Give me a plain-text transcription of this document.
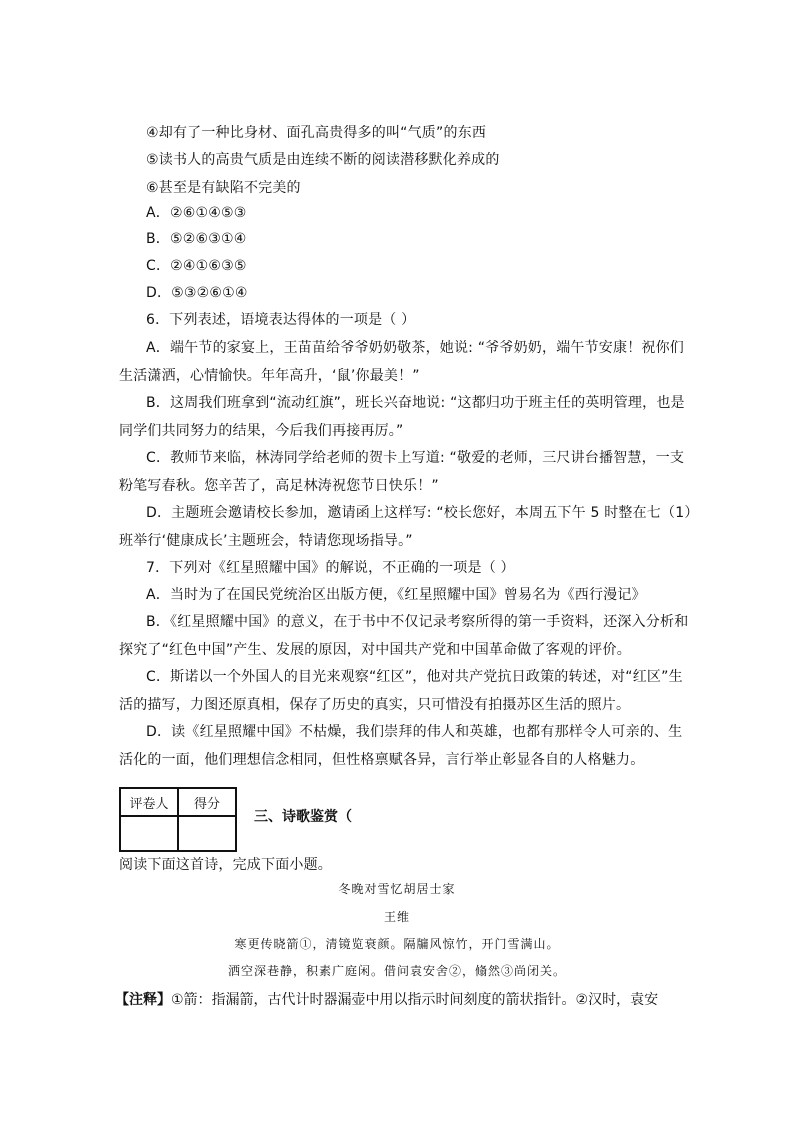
④却有了一种比身材、面孔高贵得多的叫“气质”的东西
⑤读书人的高贵气质是由连续不断的阅读潜移默化养成的
⑥甚至是有缺陷不完美的
A．②⑥①④⑤③
B．⑤②⑥③①④
C．②④①⑥③⑤
D．⑤③②⑥①④
6．下列表述，语境表达得体的一项是（ ）
A．端午节的家宴上，王苗苗给爷爷奶奶敬茶，她说: “爷爷奶奶，端午节安康！祝你们
生活潇洒，心情愉快。年年高升，‘鼠’你最美！”
B．这周我们班拿到“流动红旗”，班长兴奋地说: “这都归功于班主任的英明管理，也是
同学们共同努力的结果，今后我们再接再厉。”
C．教师节来临，林涛同学给老师的贺卡上写道: “敬爱的老师，三尺讲台播智慧，一支
粉笔写春秋。您辛苦了，高足林涛祝您节日快乐！”
D．主题班会邀请校长参加，邀请函上这样写: “校长您好，本周五下午 5 时整在七（1）
班举行‘健康成长’主题班会，特请您现场指导。”
7．下列对《红星照耀中国》的解说，不正确的一项是（ ）
A．当时为了在国民党统治区出版方便，《红星照耀中国》曾易名为《西行漫记》
B．《红星照耀中国》的意义，在于书中不仅记录考察所得的第一手资料，还深入分析和
探究了“红色中国”产生、发展的原因，对中国共产党和中国革命做了客观的评价。
C．斯诺以一个外国人的目光来观察“红区”，他对共产党抗日政策的转述，对“红区”生
活的描写，力图还原真相，保存了历史的真实，只可惜没有拍摄苏区生活的照片。
D．读《红星照耀中国》不枯燥，我们崇拜的伟人和英雄，也都有那样令人可亲的、生
活化的一面，他们理想信念相同，但性格禀赋各异，言行举止彰显各自的人格魅力。
评卷人	得分

三、诗歌鉴赏（
阅读下面这首诗，完成下面小题。
冬晚对雪忆胡居士家
王维
寒更传晓箭①，清镜览衰颜。隔牖风惊竹，开门雪满山。
洒空深巷静，积素广庭闲。借问袁安舍②，翛然③尚闭关。
【注释】①箭：指漏箭，古代计时器漏壶中用以指示时间刻度的箭状指针。②汉时，袁安
